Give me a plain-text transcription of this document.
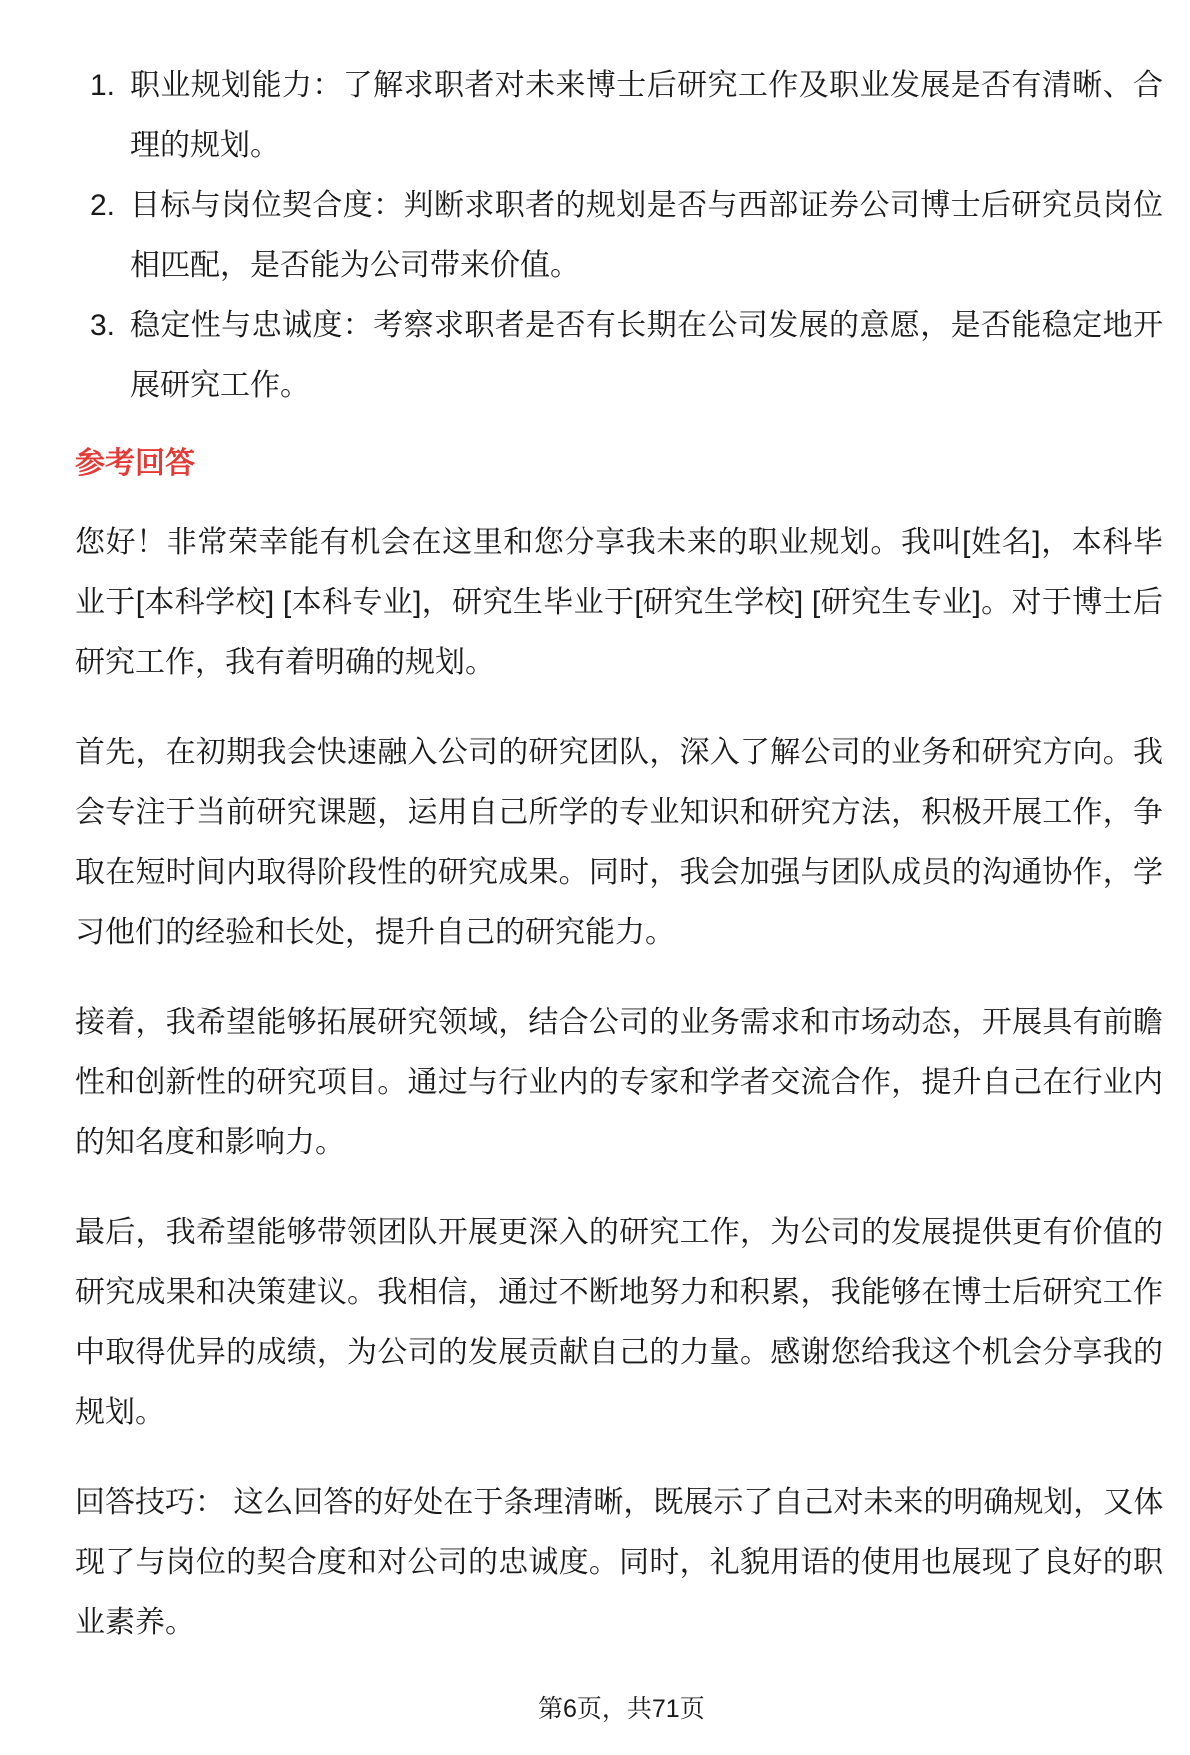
1. 职业规划能力：了解求职者对未来博士后研究工作及职业发展是否有清晰、合
理的规划。
2. 目标与岗位契合度：判断求职者的规划是否与西部证券公司博士后研究员岗位
相匹配，是否能为公司带来价值。
3. 稳定性与忠诚度：考察求职者是否有长期在公司发展的意愿，是否能稳定地开
展研究工作。
参考回答
您好！非常荣幸能有机会在这里和您分享我未来的职业规划。我叫[姓名]，本科毕
业于[本科学校] [本科专业]，研究生毕业于[研究生学校] [研究生专业]。对于博士后
研究工作，我有着明确的规划。
首先，在初期我会快速融入公司的研究团队，深入了解公司的业务和研究方向。我
会专注于当前研究课题，运用自己所学的专业知识和研究方法，积极开展工作，争
取在短时间内取得阶段性的研究成果。同时，我会加强与团队成员的沟通协作，学
习他们的经验和长处，提升自己的研究能力。
接着，我希望能够拓展研究领域，结合公司的业务需求和市场动态，开展具有前瞻
性和创新性的研究项目。通过与行业内的专家和学者交流合作，提升自己在行业内
的知名度和影响力。
最后，我希望能够带领团队开展更深入的研究工作，为公司的发展提供更有价值的
研究成果和决策建议。我相信，通过不断地努力和积累，我能够在博士后研究工作
中取得优异的成绩，为公司的发展贡献自己的力量。感谢您给我这个机会分享我的
规划。
回答技巧： 这么回答的好处在于条理清晰，既展示了自己对未来的明确规划，又体
现了与岗位的契合度和对公司的忠诚度。同时，礼貌用语的使用也展现了良好的职
业素养。
第6页，共71页
